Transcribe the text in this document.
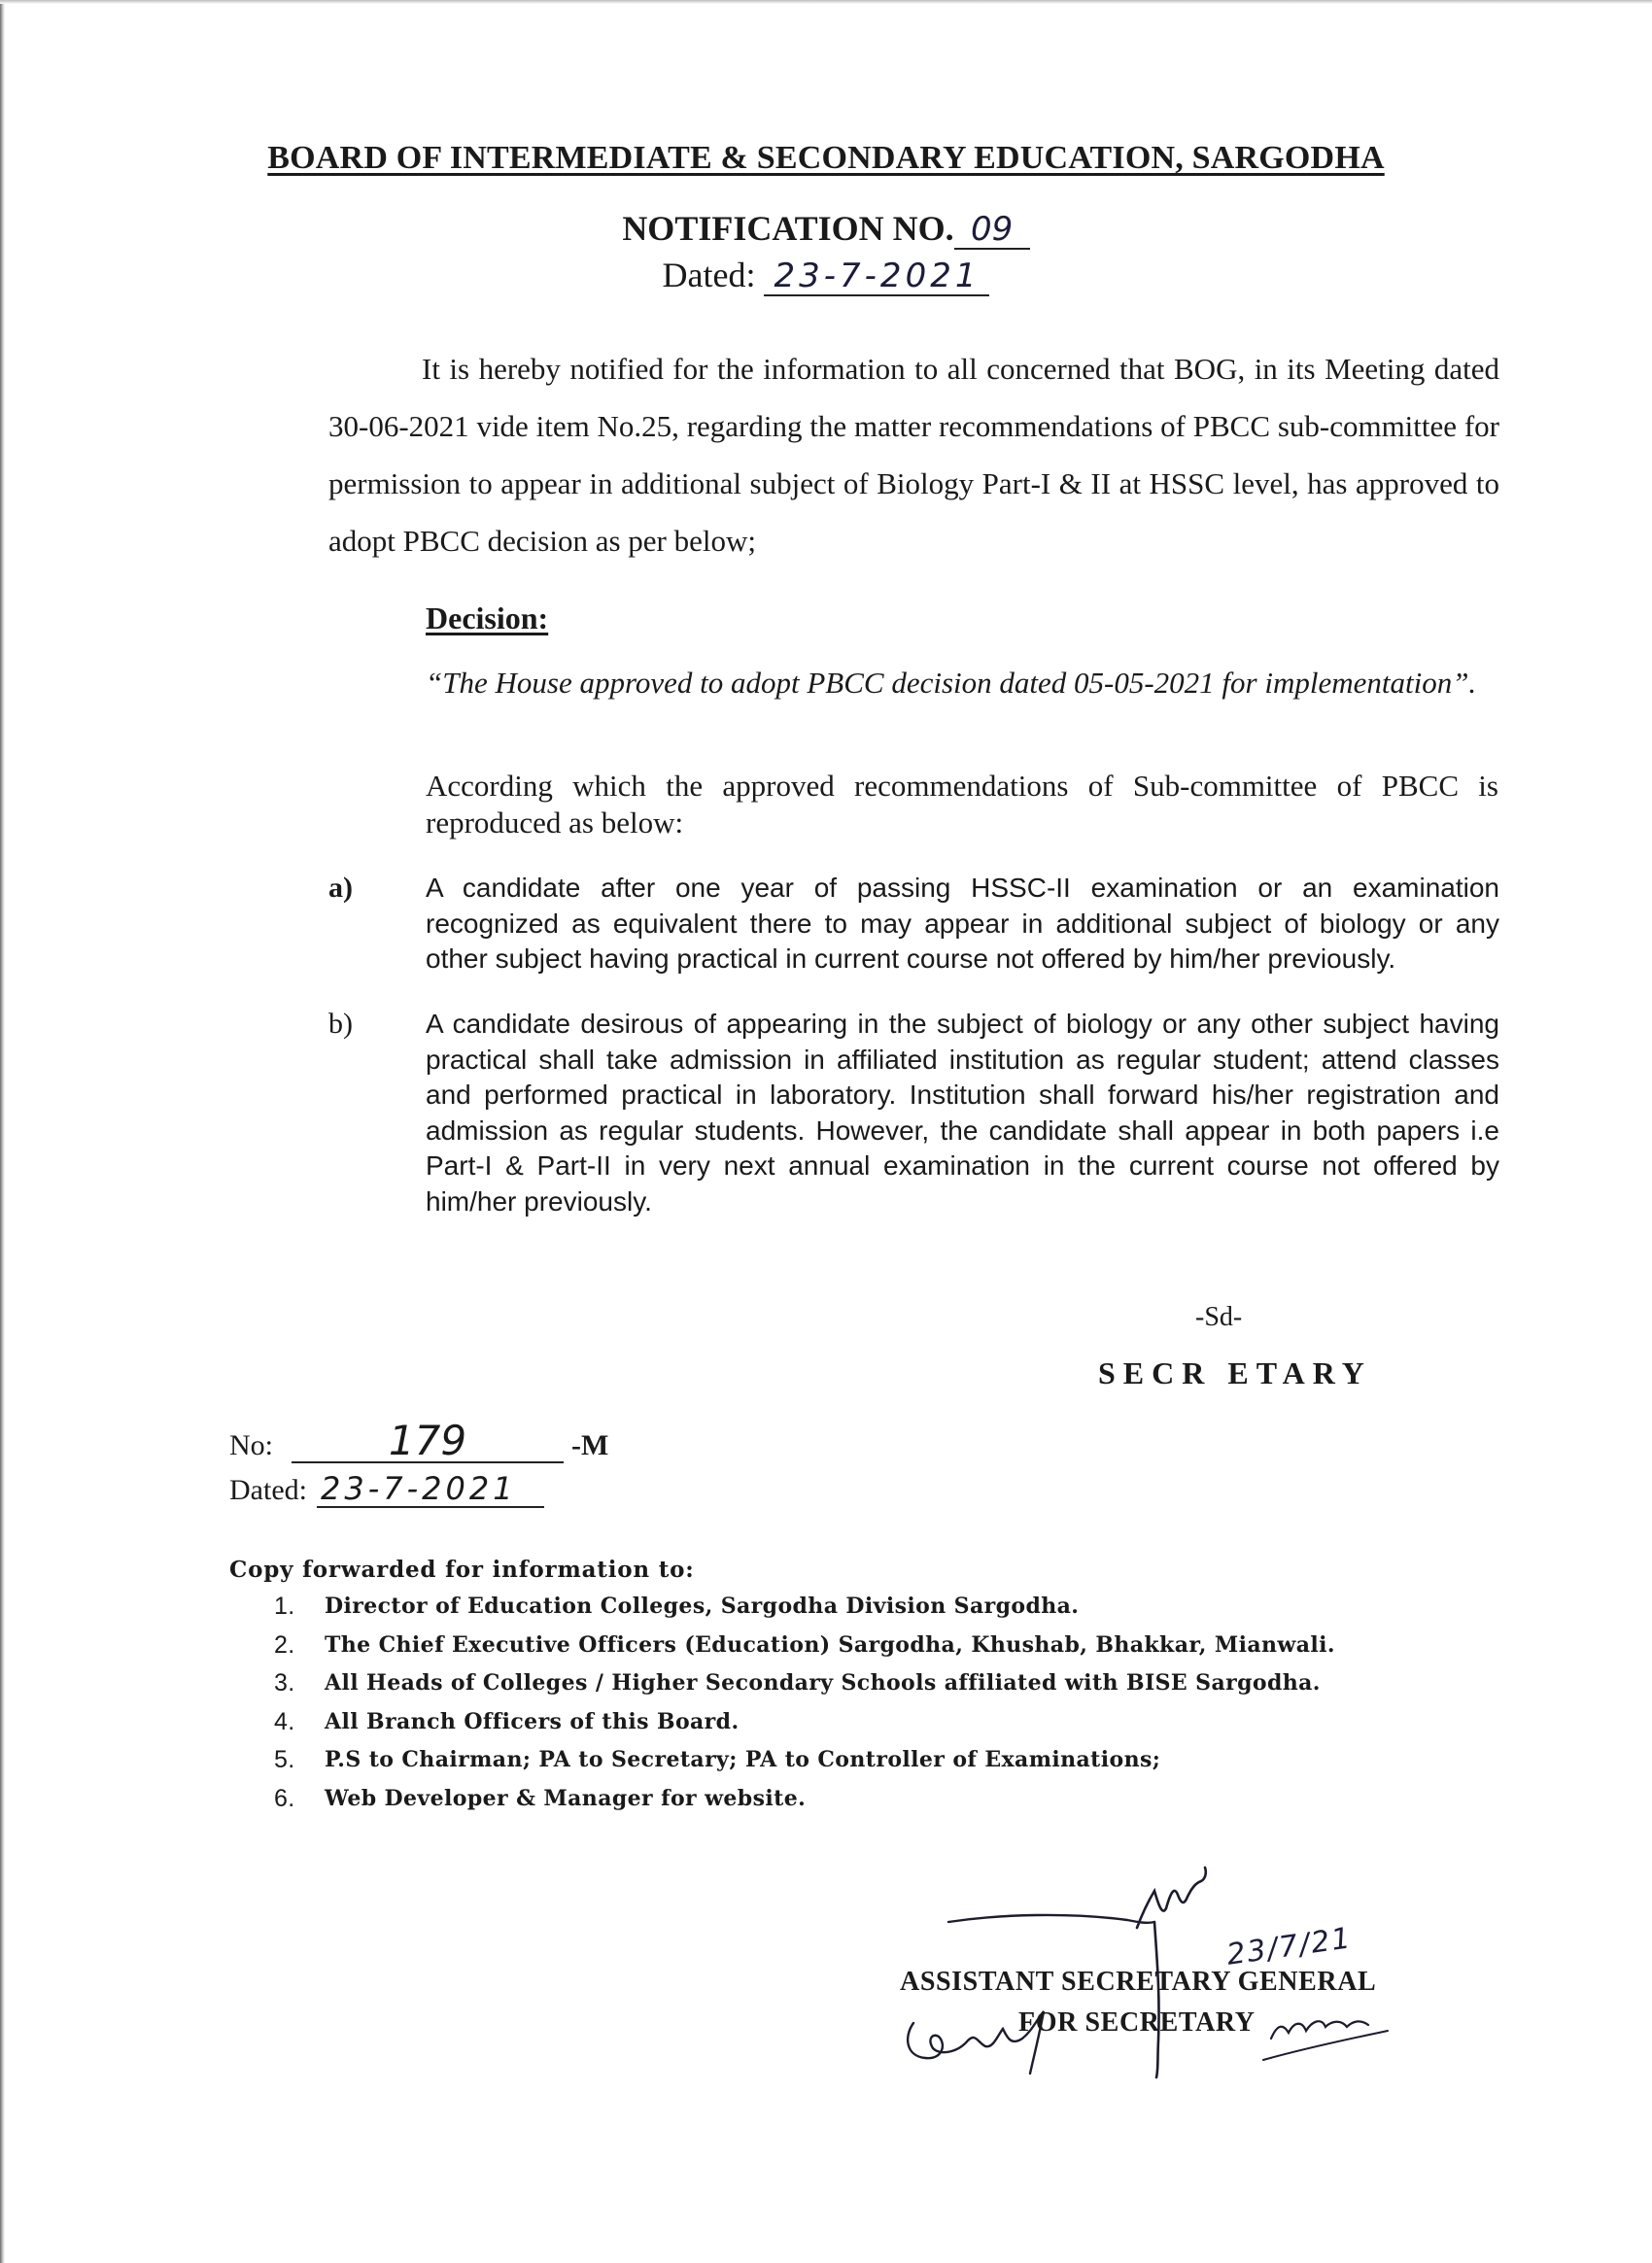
BOARD OF INTERMEDIATE & SECONDARY EDUCATION, SARGODHA
NOTIFICATION NO. 09
Dated: 23-7-2021
It is hereby notified for the information to all concerned that BOG, in its Meeting dated 30-06-2021 vide item No.25, regarding the matter recommendations of PBCC sub-committee for permission to appear in additional subject of Biology Part-I & II at HSSC level, has approved to adopt PBCC decision as per below;
Decision:
“The House approved to adopt PBCC decision dated 05-05-2021 for implementation”.
According which the approved recommendations of Sub-committee of PBCC is reproduced as below:
a)	A candidate after one year of passing HSSC-II examination or an examination recognized as equivalent there to may appear in additional subject of biology or any other subject having practical in current course not offered by him/her previously.
b)	A candidate desirous of appearing in the subject of biology or any other subject having practical shall take admission in affiliated institution as regular student; attend classes and performed practical in laboratory. Institution shall forward his/her registration and admission as regular students. However, the candidate shall appear in both papers i.e Part-I & Part-II in very next annual examination in the current course not offered by him/her previously.
-Sd-
SECR ETARY
No:	179	-M
Dated: 23-7-2021
Copy forwarded for information to:
1.	Director of Education Colleges, Sargodha Division Sargodha.
2.	The Chief Executive Officers (Education) Sargodha, Khushab, Bhakkar, Mianwali.
3.	All Heads of Colleges / Higher Secondary Schools affiliated with BISE Sargodha.
4.	All Branch Officers of this Board.
5.	P.S to Chairman; PA to Secretary; PA to Controller of Examinations;
6.	Web Developer & Manager for website.
23/7/21
ASSISTANT SECRETARY GENERAL
FOR SECRETARY
